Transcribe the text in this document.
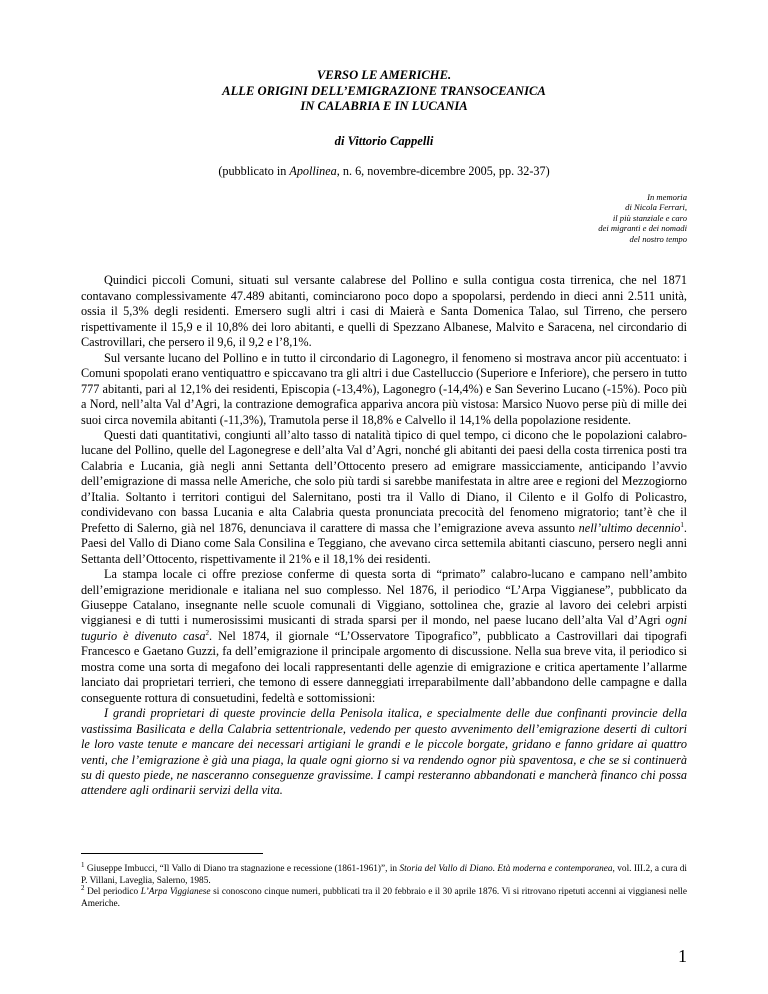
VERSO LE AMERICHE.
ALLE ORIGINI DELL’EMIGRAZIONE TRANSOCEANICA
IN CALABRIA E IN LUCANIA
di Vittorio Cappelli
(pubblicato in Apollinea, n. 6, novembre-dicembre 2005, pp. 32-37)
In memoria
di Nicola Ferrari,
il più stanziale e caro
dei migranti e dei nomadi
del nostro tempo

Quindici piccoli Comuni, situati sul versante calabrese del Pollino e sulla contigua costa tirrenica, che nel 1871 contavano complessivamente 47.489 abitanti, cominciarono poco dopo a spopolarsi, perdendo in dieci anni 2.511 unità, ossia il 5,3% degli residenti. Emersero sugli altri i casi di Maierà e Santa Domenica Talao, sul Tirreno, che persero rispettivamente il 15,9 e il 10,8% dei loro abitanti, e quelli di Spezzano Albanese, Malvito e Saracena, nel circondario di Castrovillari, che persero il 9,6, il 9,2 e l’8,1%.

Sul versante lucano del Pollino e in tutto il circondario di Lagonegro, il fenomeno si mostrava ancor più accentuato: i Comuni spopolati erano ventiquattro e spiccavano tra gli altri i due Castelluccio (Superiore e Inferiore), che persero in tutto 777 abitanti, pari al 12,1% dei residenti, Episcopia (-13,4%), Lagonegro (-14,4%) e San Severino Lucano (-15%). Poco più a Nord, nell’alta Val d’Agri, la contrazione demografica appariva ancora più vistosa: Marsico Nuovo perse più di mille dei suoi circa novemila abitanti (-11,3%), Tramutola perse il 18,8% e Calvello il 14,1% della popolazione residente.

Questi dati quantitativi, congiunti all’alto tasso di natalità tipico di quel tempo, ci dicono che le popolazioni calabro-lucane del Pollino, quelle del Lagonegrese e dell’alta Val d’Agri, nonché gli abitanti dei paesi della costa tirrenica posti tra Calabria e Lucania, già negli anni Settanta dell’Ottocento presero ad emigrare massicciamente, anticipando l’avvio dell’emigrazione di massa nelle Americhe, che solo più tardi si sarebbe manifestata in altre aree e regioni del Mezzogiorno d’Italia. Soltanto i territori contigui del Salernitano, posti tra il Vallo di Diano, il Cilento e il Golfo di Policastro, condividevano con bassa Lucania e alta Calabria questa pronunciata precocità del fenomeno migratorio; tant’è che il Prefetto di Salerno, già nel 1876, denunciava il carattere di massa che l’emigrazione aveva assunto nell’ultimo decennio$^1$. Paesi del Vallo di Diano come Sala Consilina e Teggiano, che avevano circa settemila abitanti ciascuno, persero negli anni Settanta dell’Ottocento, rispettivamente il 21% e il 18,1% dei residenti.

La stampa locale ci offre preziose conferme di questa sorta di “primato” calabro-lucano e campano nell’ambito dell’emigrazione meridionale e italiana nel suo complesso. Nel 1876, il periodico “L’Arpa Viggianese”, pubblicato da Giuseppe Catalano, insegnante nelle scuole comunali di Viggiano, sottolinea che, grazie al lavoro dei celebri arpisti viggianesi e di tutti i numerosissimi musicanti di strada sparsi per il mondo, nel paese lucano dell’alta Val d’Agri ogni tugurio è divenuto casa$^2$. Nel 1874, il giornale “L’Osservatore Tipografico”, pubblicato a Castrovillari dai tipografi Francesco e Gaetano Guzzi, fa dell’emigrazione il principale argomento di discussione. Nella sua breve vita, il periodico si mostra come una sorta di megafono dei locali rappresentanti delle agenzie di emigrazione e critica apertamente l’allarme lanciato dai proprietari terrieri, che temono di essere danneggiati irreparabilmente dall’abbandono delle campagne e dalla conseguente rottura di consuetudini, fedeltà e sottomissioni:

I grandi proprietari di queste provincie della Penisola italica, e specialmente delle due confinanti provincie della vastissima Basilicata e della Calabria settentrionale, vedendo per questo avvenimento dell’emigrazione deserti di cultori le loro vaste tenute e mancare dei necessari artigiani le grandi e le piccole borgate, gridano e fanno gridare ai quattro venti, che l’emigrazione è già una piaga, la quale ogni giorno si va rendendo ognor più spaventosa, e che se si continuerà su di questo piede, ne nasceranno conseguenze gravissime. I campi resteranno abbandonati e mancherà financo chi possa attendere agli ordinarii servizi della vita.

$^1$ Giuseppe Imbucci, “Il Vallo di Diano tra stagnazione e recessione (1861-1961)”, in Storia del Vallo di Diano. Età moderna e contemporanea, vol. III.2, a cura di P. Villani, Laveglia, Salerno, 1985.

$^2$ Del periodico L’Arpa Viggianese si conoscono cinque numeri, pubblicati tra il 20 febbraio e il 30 aprile 1876. Vi si ritrovano ripetuti accenni ai viggianesi nelle Americhe.

1
